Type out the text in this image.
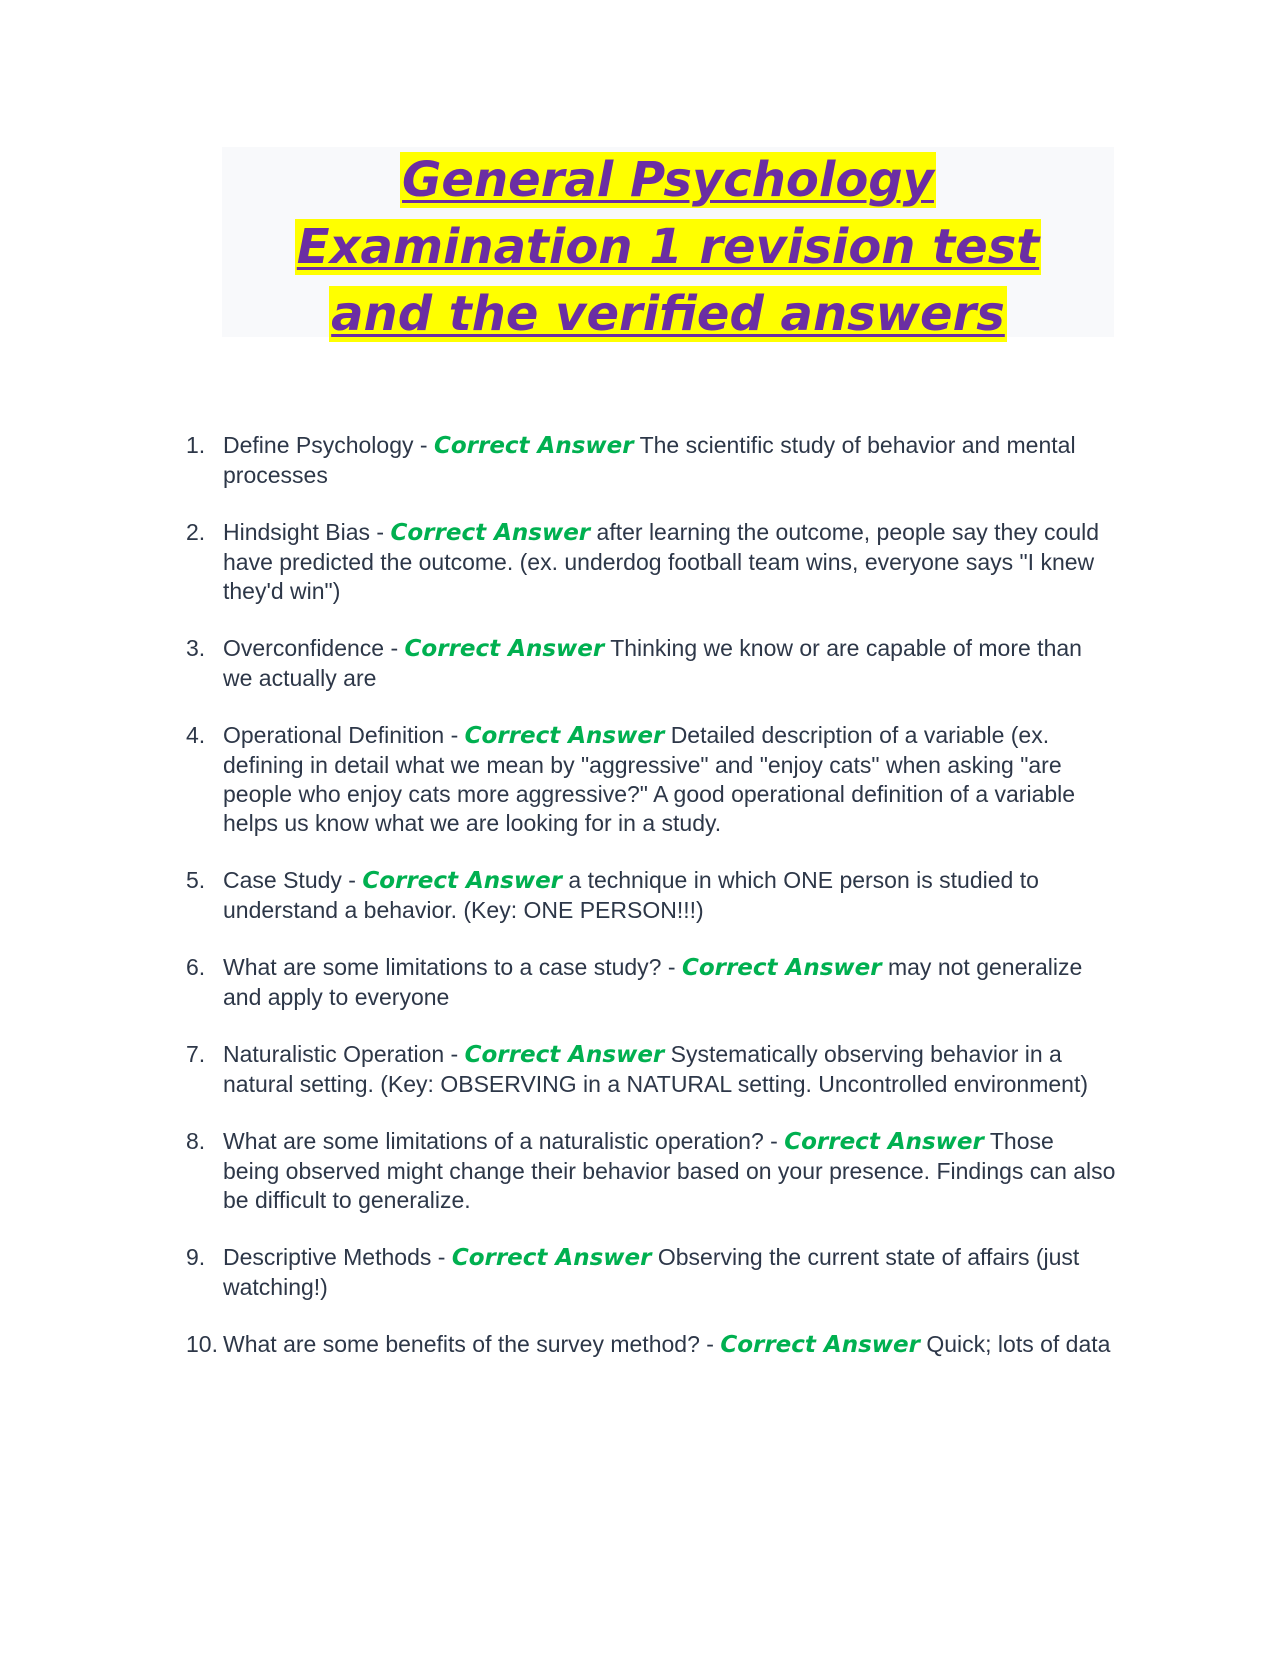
General Psychology

Examination 1 revision test

and the verified answers

1. Define Psychology - Correct Answer The scientific study of behavior and mental processes
2. Hindsight Bias - Correct Answer after learning the outcome, people say they could have predicted the outcome. (ex. underdog football team wins, everyone says "I knew they'd win")
3. Overconfidence - Correct Answer Thinking we know or are capable of more than we actually are
4. Operational Definition - Correct Answer Detailed description of a variable (ex. defining in detail what we mean by "aggressive" and "enjoy cats" when asking "are people who enjoy cats more aggressive?" A good operational definition of a variable helps us know what we are looking for in a study.
5. Case Study - Correct Answer a technique in which ONE person is studied to understand a behavior. (Key: ONE PERSON!!!)
6. What are some limitations to a case study? - Correct Answer may not generalize and apply to everyone
7. Naturalistic Operation - Correct Answer Systematically observing behavior in a natural setting. (Key: OBSERVING in a NATURAL setting. Uncontrolled environment)
8. What are some limitations of a naturalistic operation? - Correct Answer Those being observed might change their behavior based on your presence. Findings can also be difficult to generalize.
9. Descriptive Methods - Correct Answer Observing the current state of affairs (just watching!)
10. What are some benefits of the survey method? - Correct Answer Quick; lots of data
